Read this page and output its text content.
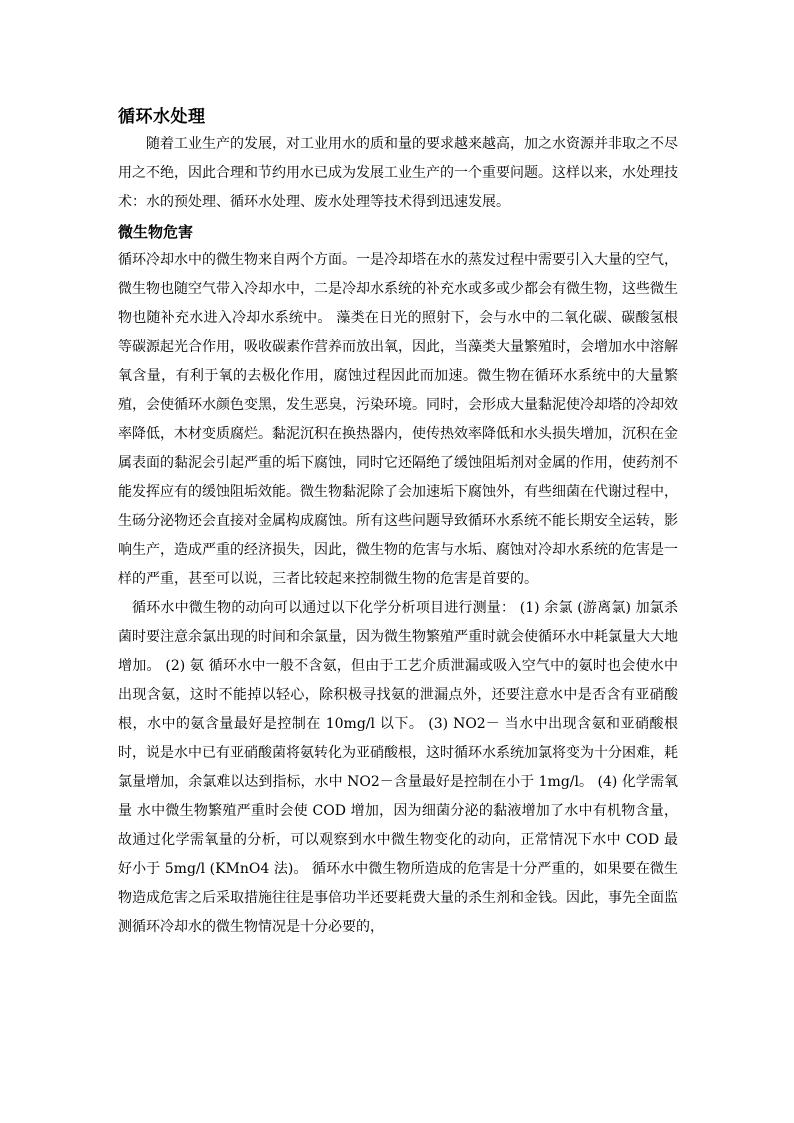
循环水处理

随着工业生产的发展，对工业用水的质和量的要求越来越高，加之水资源并非取之不尽用之不绝，因此合理和节约用水已成为发展工业生产的一个重要问题。这样以来，水处理技术：水的预处理、循环水处理、废水处理等技术得到迅速发展。

微生物危害

循环冷却水中的微生物来自两个方面。一是冷却塔在水的蒸发过程中需要引入大量的空气，微生物也随空气带入冷却水中，二是冷却水系统的补充水或多或少都会有微生物，这些微生物也随补充水进入冷却水系统中。 藻类在日光的照射下，会与水中的二氧化碳、碳酸氢根等碳源起光合作用，吸收碳素作营养而放出氧，因此，当藻类大量繁殖时，会增加水中溶解氧含量，有利于氧的去极化作用，腐蚀过程因此而加速。微生物在循环水系统中的大量繁殖，会使循环水颜色变黑，发生恶臭，污染环境。同时，会形成大量黏泥使冷却塔的冷却效率降低，木材变质腐烂。黏泥沉积在换热器内，使传热效率降低和水头损失增加，沉积在金属表面的黏泥会引起严重的垢下腐蚀，同时它还隔绝了缓蚀阻垢剂对金属的作用，使药剂不能发挥应有的缓蚀阻垢效能。微生物黏泥除了会加速垢下腐蚀外，有些细菌在代谢过程中，生砀分泌物还会直接对金属构成腐蚀。所有这些问题导致循环水系统不能长期安全运转，影响生产，造成严重的经济损失，因此，微生物的危害与水垢、腐蚀对冷却水系统的危害是一样的严重，甚至可以说，三者比较起来控制微生物的危害是首要的。

循环水中微生物的动向可以通过以下化学分析项目进行测量： (1) 余氯 (游离氯) 加氯杀菌时要注意余氯出现的时间和余氯量，因为微生物繁殖严重时就会使循环水中耗氯量大大地增加。 (2) 氨 循环水中一般不含氨，但由于工艺介质泄漏或吸入空气中的氨时也会使水中出现含氨，这时不能掉以轻心，除积极寻找氨的泄漏点外，还要注意水中是否含有亚硝酸根，水中的氨含量最好是控制在 10mg/l 以下。 (3) NO2－ 当水中出现含氨和亚硝酸根时，说是水中已有亚硝酸菌将氨转化为亚硝酸根，这时循环水系统加氯将变为十分困难，耗氯量增加，余氯难以达到指标，水中 NO2－含量最好是控制在小于 1mg/l。 (4) 化学需氧量 水中微生物繁殖严重时会使 COD 增加，因为细菌分泌的黏液增加了水中有机物含量，故通过化学需氧量的分析，可以观察到水中微生物变化的动向，正常情况下水中 COD 最好小于 5mg/l (KMnO4 法)。 循环水中微生物所造成的危害是十分严重的，如果要在微生物造成危害之后采取措施往往是事倍功半还要耗费大量的杀生剂和金钱。因此，事先全面监测循环冷却水的微生物情况是十分必要的，
